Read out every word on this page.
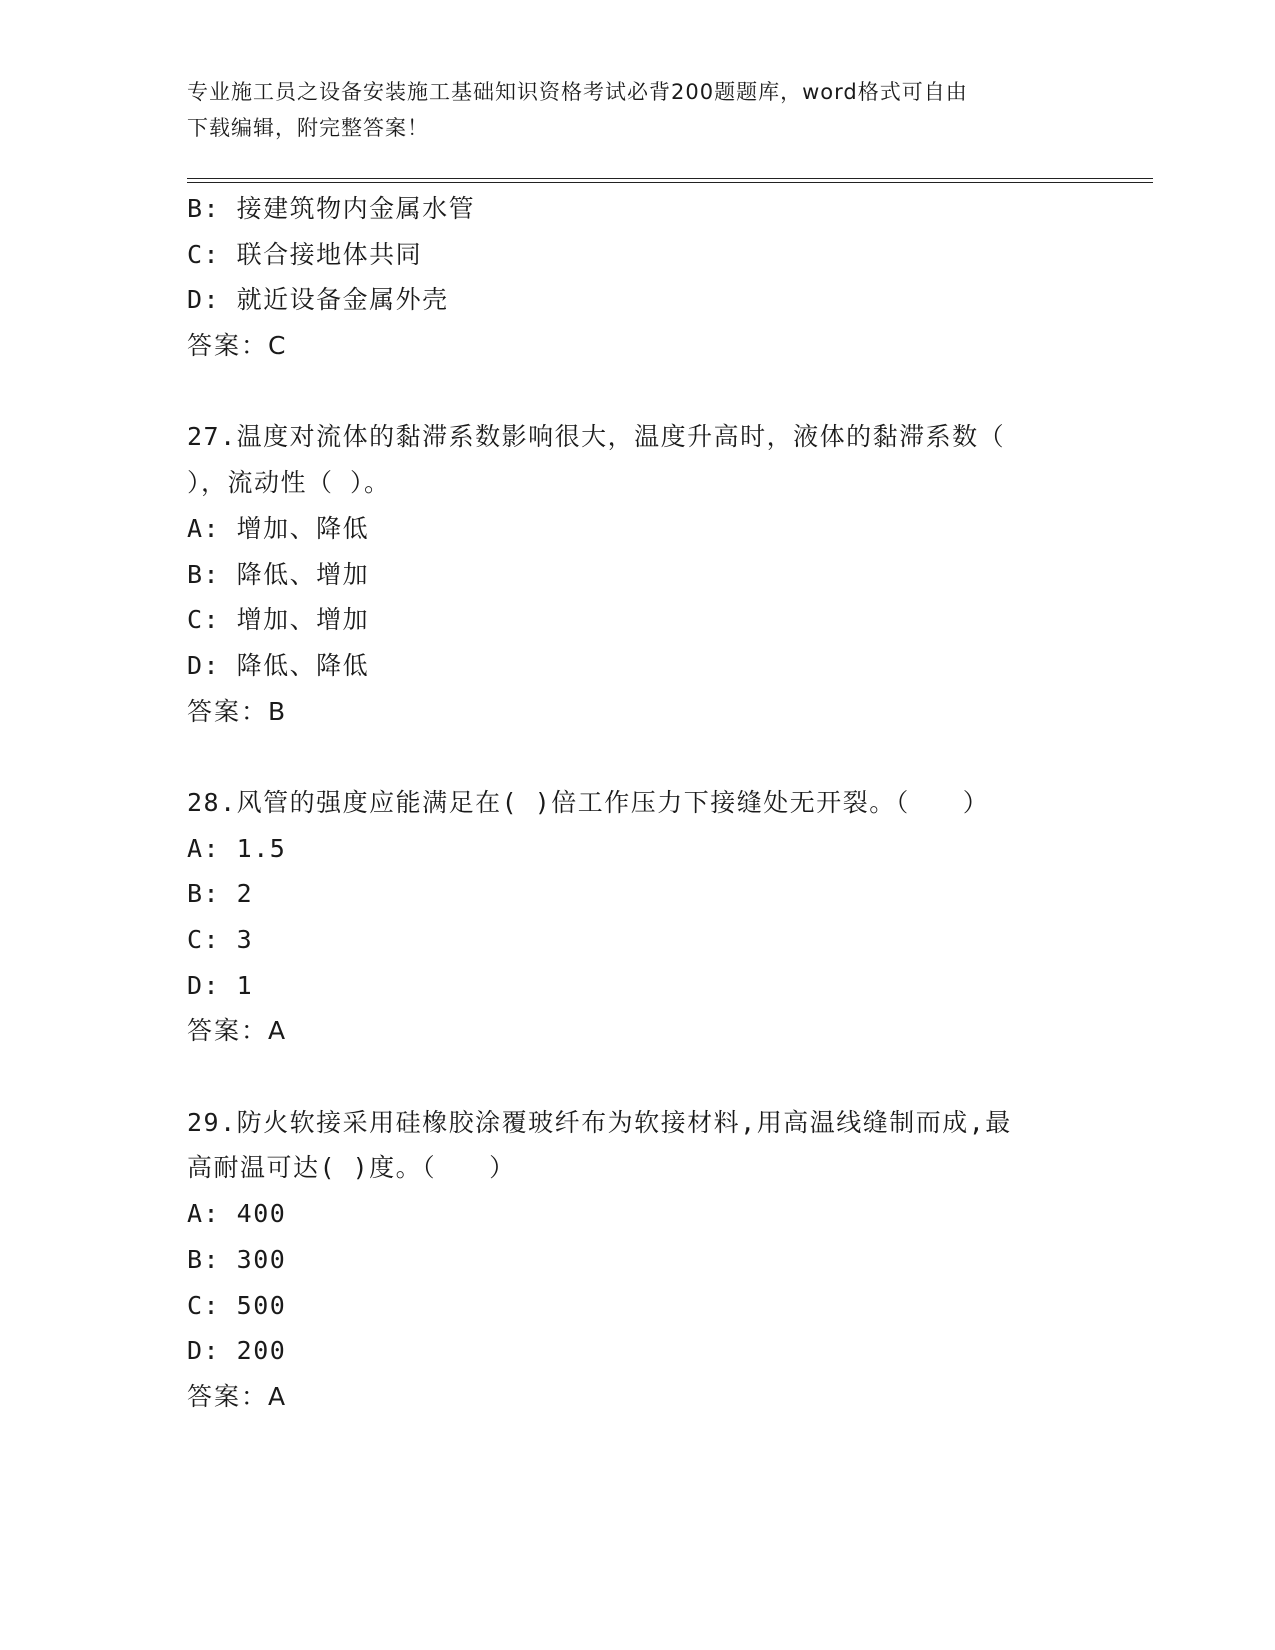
专业施工员之设备安装施工基础知识资格考试必背200题题库，word格式可自由
下载编辑，附完整答案！
B: 接建筑物内金属水管
C: 联合接地体共同
D: 就近设备金属外壳
答案：C
27.温度对流体的黏滞系数影响很大，温度升高时，液体的黏滞系数（
），流动性（ ）。
A: 增加、降低
B: 降低、增加
C: 增加、增加
D: 降低、降低
答案：B
28.风管的强度应能满足在( )倍工作压力下接缝处无开裂。（　　）
A: 1.5
B: 2
C: 3
D: 1
答案：A
29.防火软接采用硅橡胶涂覆玻纤布为软接材料,用高温线缝制而成,最
高耐温可达( )度。（　　）
A: 400
B: 300
C: 500
D: 200
答案：A
